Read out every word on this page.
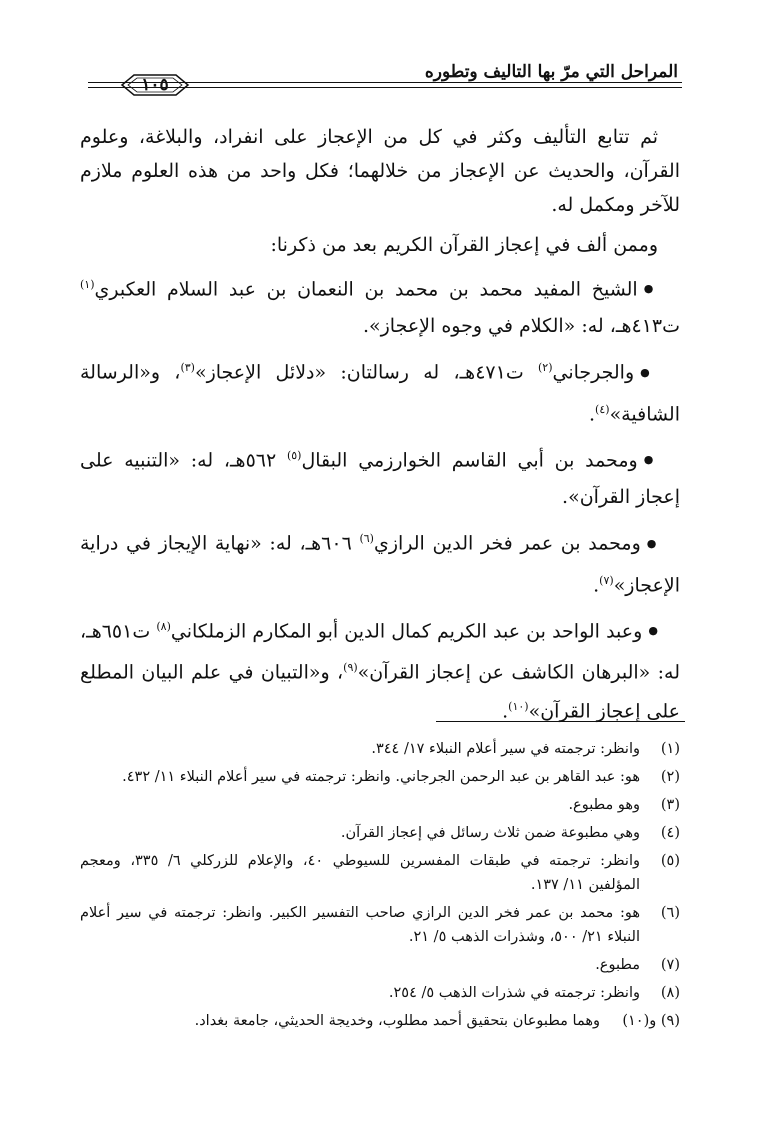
المراحل التي مرّ بها التاليف وتطوره
١٠٥

ثم تتابع التأليف وكثر في كل من الإعجاز على انفراد، والبلاغة، وعلوم القرآن، والحديث عن الإعجاز من خلالهما؛ فكل واحد من هذه العلوم ملازم للآخر ومكمل له.

وممن ألف في إعجاز القرآن الكريم بعد من ذكرنا:

● الشيخ المفيد محمد بن محمد بن النعمان بن عبد السلام العكبري$^{(١)}$ ت٤١٣هـ، له: «الكلام في وجوه الإعجاز».

● والجرجاني$^{(٢)}$ ت٤٧١هـ، له رسالتان: «دلائل الإعجاز»$^{(٣)}$، و«الرسالة الشافية»$^{(٤)}$.

● ومحمد بن أبي القاسم الخوارزمي البقال$^{(٥)}$ ٥٦٢هـ، له: «التنبيه على إعجاز القرآن».

● ومحمد بن عمر فخر الدين الرازي$^{(٦)}$ ٦٠٦هـ، له: «نهاية الإيجاز في دراية الإعجاز»$^{(٧)}$.

● وعبد الواحد بن عبد الكريم كمال الدين أبو المكارم الزملكاني$^{(٨)}$ ت٦٥١هـ، له: «البرهان الكاشف عن إعجاز القرآن»$^{(٩)}$، و«التبيان في علم البيان المطلع على إعجاز القرآن»$^{(١٠)}$.

(١)
وانظر: ترجمته في سير أعلام النبلاء ١٧/ ٣٤٤.
(٢)
هو: عبد القاهر بن عبد الرحمن الجرجاني. وانظر: ترجمته في سير أعلام النبلاء ١١/ ٤٣٢.
(٣)
وهو مطبوع.
(٤)
وهي مطبوعة ضمن ثلاث رسائل في إعجاز القرآن.
(٥)
وانظر: ترجمته في طبقات المفسرين للسيوطي ٤٠، والإعلام للزركلي ٦/ ٣٣٥، ومعجم المؤلفين ١١/ ١٣٧.
(٦)
هو: محمد بن عمر فخر الدين الرازي صاحب التفسير الكبير. وانظر: ترجمته في سير أعلام النبلاء ٢١/ ٥٠٠، وشذرات الذهب ٥/ ٢١.
(٧)
مطبوع.
(٨)
وانظر: ترجمته في شذرات الذهب ٥/ ٢٥٤.
(٩) و(١٠)
وهما مطبوعان بتحقيق أحمد مطلوب، وخديجة الحديثي، جامعة بغداد.
